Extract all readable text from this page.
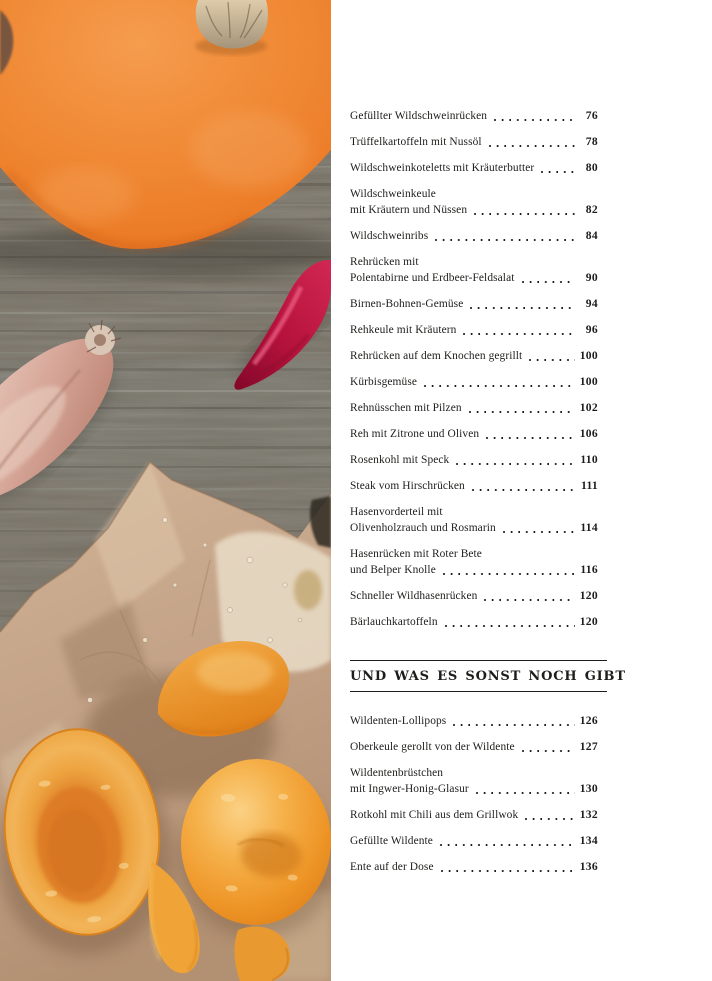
Gefüllter Wildschweinrücken	76
Trüffelkartoffeln mit Nussöl	78
Wildschweinkoteletts mit Kräuterbutter	80
Wildschweinkeule
mit Kräutern und Nüssen	82
Wildschweinribs	84
Rehrücken mit
Polentabirne und Erdbeer-Feldsalat	90
Birnen-Bohnen-Gemüse	94
Rehkeule mit Kräutern	96
Rehrücken auf dem Knochen gegrillt	100
Kürbisgemüse	100
Rehnüsschen mit Pilzen	102
Reh mit Zitrone und Oliven	106
Rosenkohl mit Speck	110
Steak vom Hirschrücken	111
Hasenvorderteil mit
Olivenholzrauch und Rosmarin	114
Hasenrücken mit Roter Bete
und Belper Knolle	116
Schneller Wildhasenrücken	120
Bärlauchkartoffeln	120
UND WAS ES SONST NOCH GIBT
Wildenten-Lollipops	126
Oberkeule gerollt von der Wildente	127
Wildentenbrüstchen
mit Ingwer-Honig-Glasur	130
Rotkohl mit Chili aus dem Grillwok	132
Gefüllte Wildente	134
Ente auf der Dose	136
